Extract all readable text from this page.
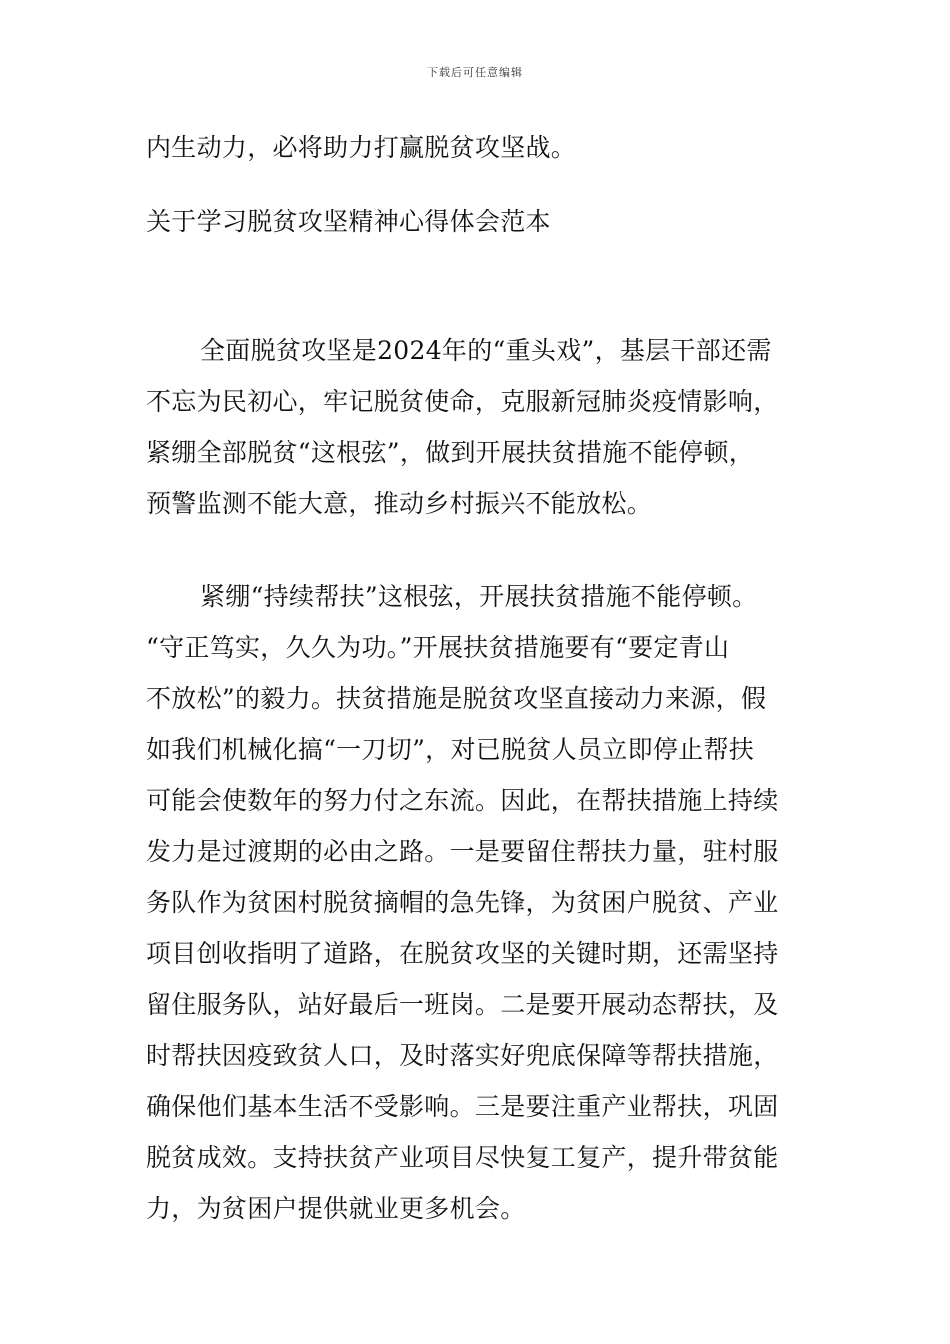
下载后可任意编辑
内生动力，必将助力打赢脱贫攻坚战。
关于学习脱贫攻坚精神心得体会范本
全面脱贫攻坚是2024年的“重头戏”，基层干部还需
不忘为民初心，牢记脱贫使命，克服新冠肺炎疫情影响，
紧绷全部脱贫“这根弦”，做到开展扶贫措施不能停顿，
预警监测不能大意，推动乡村振兴不能放松。
紧绷“持续帮扶”这根弦，开展扶贫措施不能停顿。
“守正笃实，久久为功。”开展扶贫措施要有“要定青山
不放松”的毅力。扶贫措施是脱贫攻坚直接动力来源，假
如我们机械化搞“一刀切”，对已脱贫人员立即停止帮扶
可能会使数年的努力付之东流。因此，在帮扶措施上持续
发力是过渡期的必由之路。一是要留住帮扶力量，驻村服
务队作为贫困村脱贫摘帽的急先锋，为贫困户脱贫、产业
项目创收指明了道路，在脱贫攻坚的关键时期，还需坚持
留住服务队，站好最后一班岗。二是要开展动态帮扶，及
时帮扶因疫致贫人口，及时落实好兜底保障等帮扶措施，
确保他们基本生活不受影响。三是要注重产业帮扶，巩固
脱贫成效。支持扶贫产业项目尽快复工复产，提升带贫能
力，为贫困户提供就业更多机会。
